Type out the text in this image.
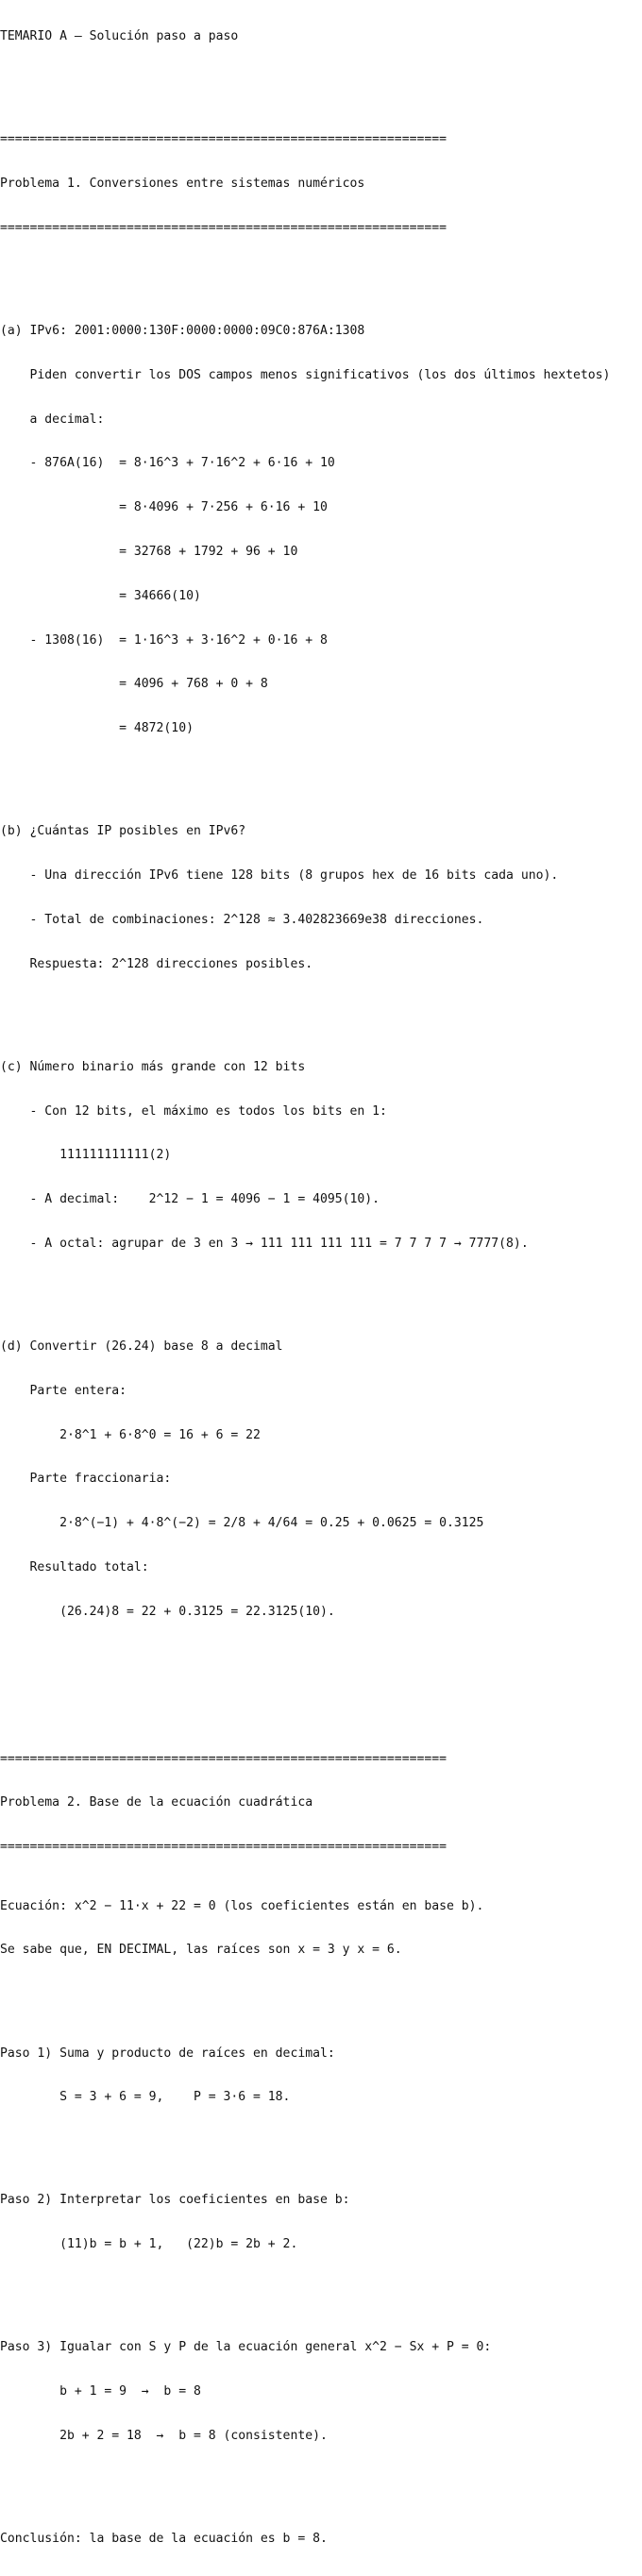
TEMARIO A — Solución paso a paso

============================================================

Problema 1. Conversiones entre sistemas numéricos

============================================================

(a) IPv6: 2001:0000:130F:0000:0000:09C0:876A:1308

Piden convertir los DOS campos menos significativos (los dos últimos hextetos)

a decimal:

- 876A(16)  = 8·16^3 + 7·16^2 + 6·16 + 10

= 8·4096 + 7·256 + 6·16 + 10

= 32768 + 1792 + 96 + 10

= 34666(10)

- 1308(16)  = 1·16^3 + 3·16^2 + 0·16 + 8

= 4096 + 768 + 0 + 8

= 4872(10)

(b) ¿Cuántas IP posibles en IPv6?

- Una dirección IPv6 tiene 128 bits (8 grupos hex de 16 bits cada uno).

- Total de combinaciones: 2^128 ≈ 3.402823669e38 direcciones.

Respuesta: 2^128 direcciones posibles.

(c) Número binario más grande con 12 bits

- Con 12 bits, el máximo es todos los bits en 1:

111111111111(2)

- A decimal:    2^12 − 1 = 4096 − 1 = 4095(10).

- A octal: agrupar de 3 en 3 → 111 111 111 111 = 7 7 7 7 → 7777(8).

(d) Convertir (26.24) base 8 a decimal

Parte entera:

2·8^1 + 6·8^0 = 16 + 6 = 22

Parte fraccionaria:

2·8^(−1) + 4·8^(−2) = 2/8 + 4/64 = 0.25 + 0.0625 = 0.3125

Resultado total:

(26.24)8 = 22 + 0.3125 = 22.3125(10).

============================================================

Problema 2. Base de la ecuación cuadrática

============================================================

Ecuación: x^2 − 11·x + 22 = 0 (los coeficientes están en base b).

Se sabe que, EN DECIMAL, las raíces son x = 3 y x = 6.

Paso 1) Suma y producto de raíces en decimal:

S = 3 + 6 = 9,    P = 3·6 = 18.

Paso 2) Interpretar los coeficientes en base b:

(11)b = b + 1,   (22)b = 2b + 2.

Paso 3) Igualar con S y P de la ecuación general x^2 − Sx + P = 0:

b + 1 = 9  →  b = 8

2b + 2 = 18  →  b = 8 (consistente).

Conclusión: la base de la ecuación es b = 8.
